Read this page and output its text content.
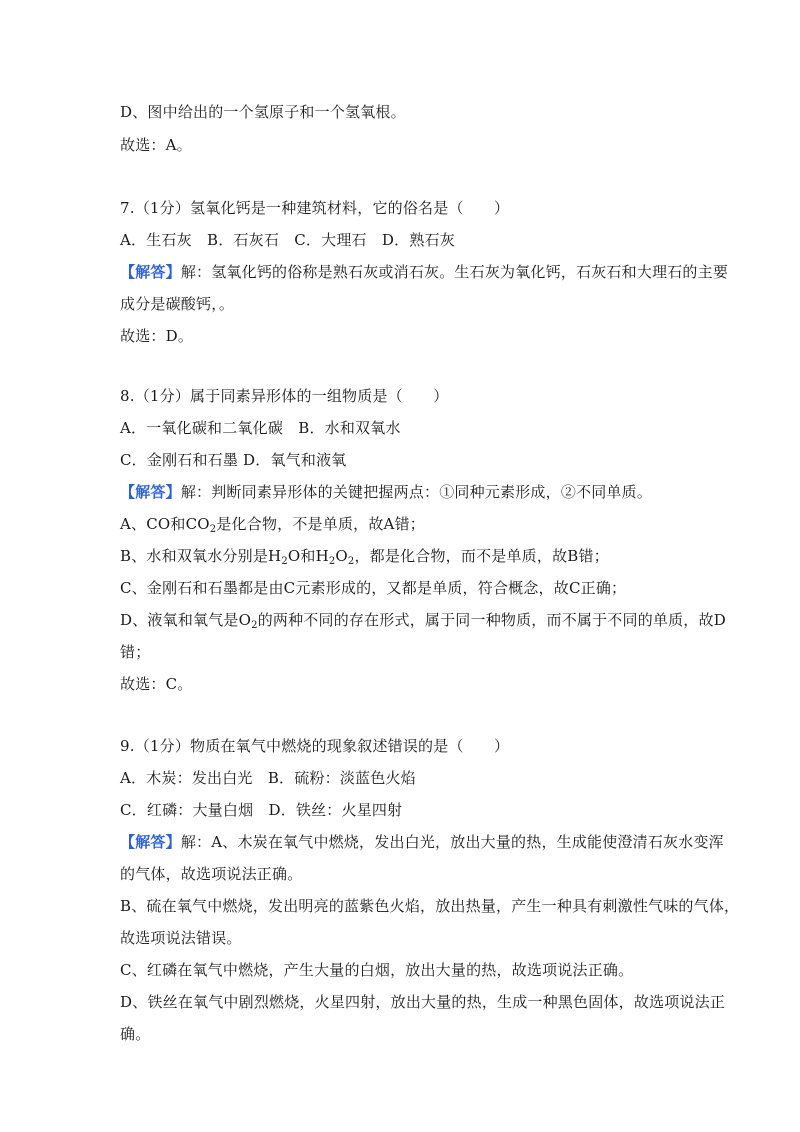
D、图中给出的一个氢原子和一个氢氧根。
故选：A。
7.（1分）氢氧化钙是一种建筑材料，它的俗名是（　　）
A．生石灰　B．石灰石　C．大理石　D．熟石灰
【解答】解：氢氧化钙的俗称是熟石灰或消石灰。生石灰为氧化钙，石灰石和大理石的主要
成分是碳酸钙，。
故选：D。
8.（1分）属于同素异形体的一组物质是（　　）
A．一氧化碳和二氧化碳　B．水和双氧水
C．金刚石和石墨 D．氧气和液氧
【解答】解：判断同素异形体的关键把握两点：①同种元素形成，②不同单质。
A、CO和$CO_2$是化合物，不是单质，故A错；
B、水和双氧水分别是$H_2O$和$H_2O_2$，都是化合物，而不是单质，故B错；
C、金刚石和石墨都是由C元素形成的，又都是单质，符合概念，故C正确；
D、液氧和氧气是$O_2$的两种不同的存在形式，属于同一种物质，而不属于不同的单质，故D
错；
故选：C。
9.（1分）物质在氧气中燃烧的现象叙述错误的是（　　）
A．木炭：发出白光　B．硫粉：淡蓝色火焰
C．红磷：大量白烟　D．铁丝：火星四射
【解答】解：A、木炭在氧气中燃烧，发出白光，放出大量的热，生成能使澄清石灰水变浑
的气体，故选项说法正确。
B、硫在氧气中燃烧，发出明亮的蓝紫色火焰，放出热量，产生一种具有刺激性气味的气体，
故选项说法错误。
C、红磷在氧气中燃烧，产生大量的白烟，放出大量的热，故选项说法正确。
D、铁丝在氧气中剧烈燃烧，火星四射，放出大量的热，生成一种黑色固体，故选项说法正
确。
